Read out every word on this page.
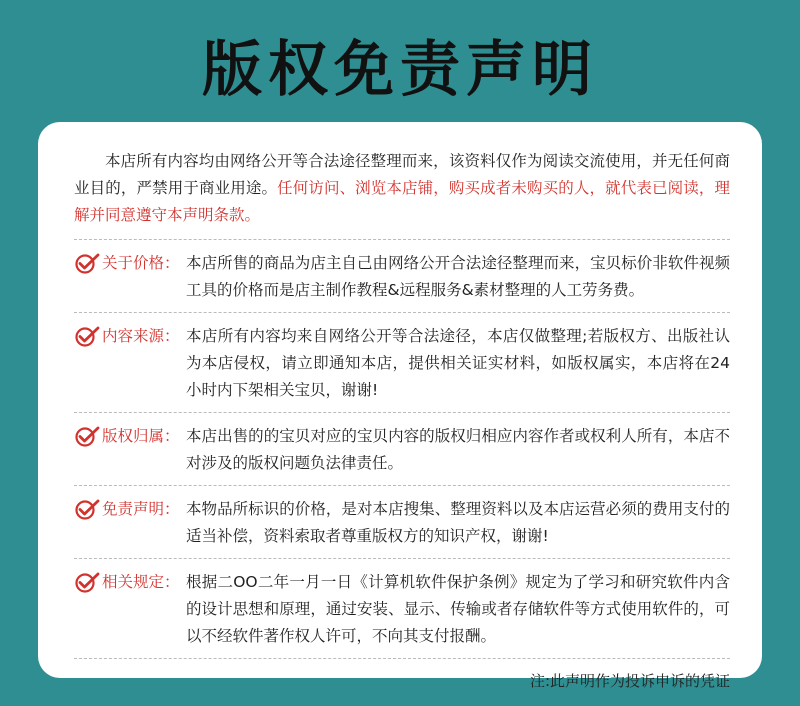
版权免责声明

本店所有内容均由网络公开等合法途径整理而来，该资料仅作为阅读交流使用，并无任何商业目的，严禁用于商业用途。任何访问、浏览本店铺，购买成者未购买的人，就代表已阅读，理解并同意遵守本声明条款。

关于价格： 本店所售的商品为店主自己由网络公开合法途径整理而来，宝贝标价非软件视频工具的价格而是店主制作教程&远程服务&素材整理的人工劳务费。
内容来源： 本店所有内容均来自网络公开等合法途径，本店仅做整理;若版权方、出版社认为本店侵权，请立即通知本店，提供相关证实材料，如版权属实，本店将在24小时内下架相关宝贝，谢谢!
版权归属： 本店出售的的宝贝对应的宝贝内容的版权归相应内容作者或权利人所有，本店不对涉及的版权问题负法律责任。
免责声明： 本物品所标识的价格，是对本店搜集、整理资料以及本店运营必须的费用支付的适当补偿，资料索取者尊重版权方的知识产权，谢谢!
相关规定： 根据二OO二年一月一日《计算机软件保护条例》规定为了学习和研究软件内含的设计思想和原理，通过安装、显示、传输或者存储软件等方式使用软件的，可以不经软件著作权人许可，不向其支付报酬。
注:此声明作为投诉申诉的凭证
